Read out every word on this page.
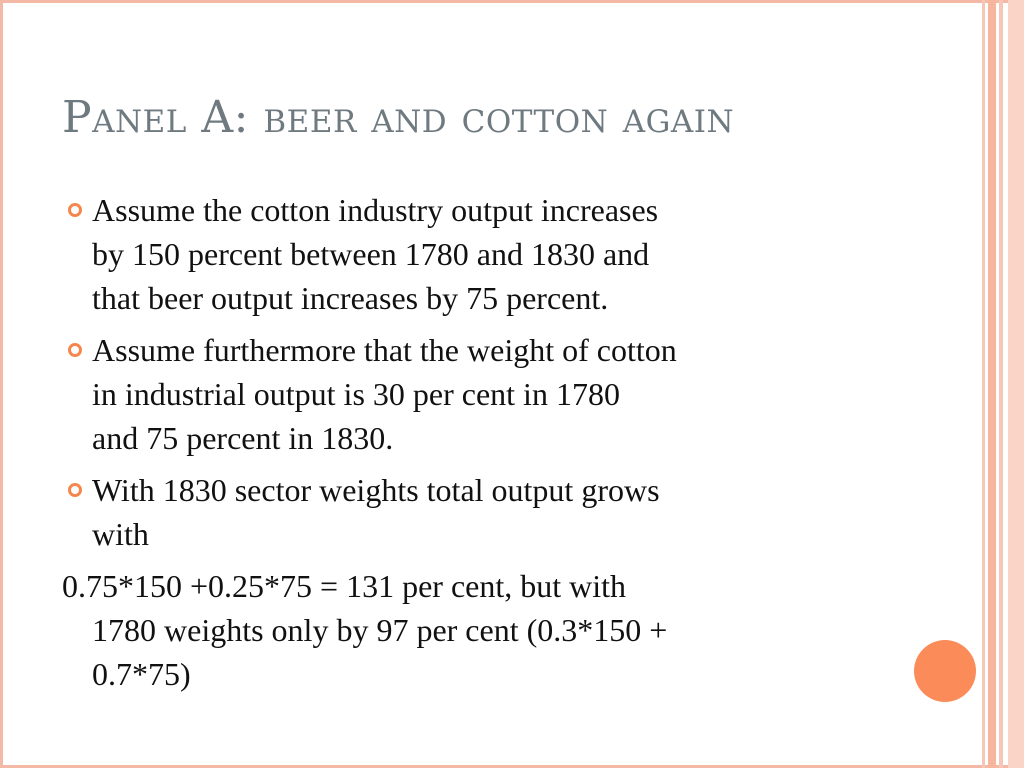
Panel A: beer and cotton again
Assume the cotton industry output increases
by 150 percent between 1780 and 1830 and
that beer output increases by 75 percent.
Assume furthermore that the weight of cotton
in industrial output is 30 per cent in 1780
and 75 percent in 1830.
With 1830 sector weights total output grows
with
0.75*150 +0.25*75 = 131 per cent, but with
1780 weights only by 97 per cent (0.3*150 +
0.7*75)
